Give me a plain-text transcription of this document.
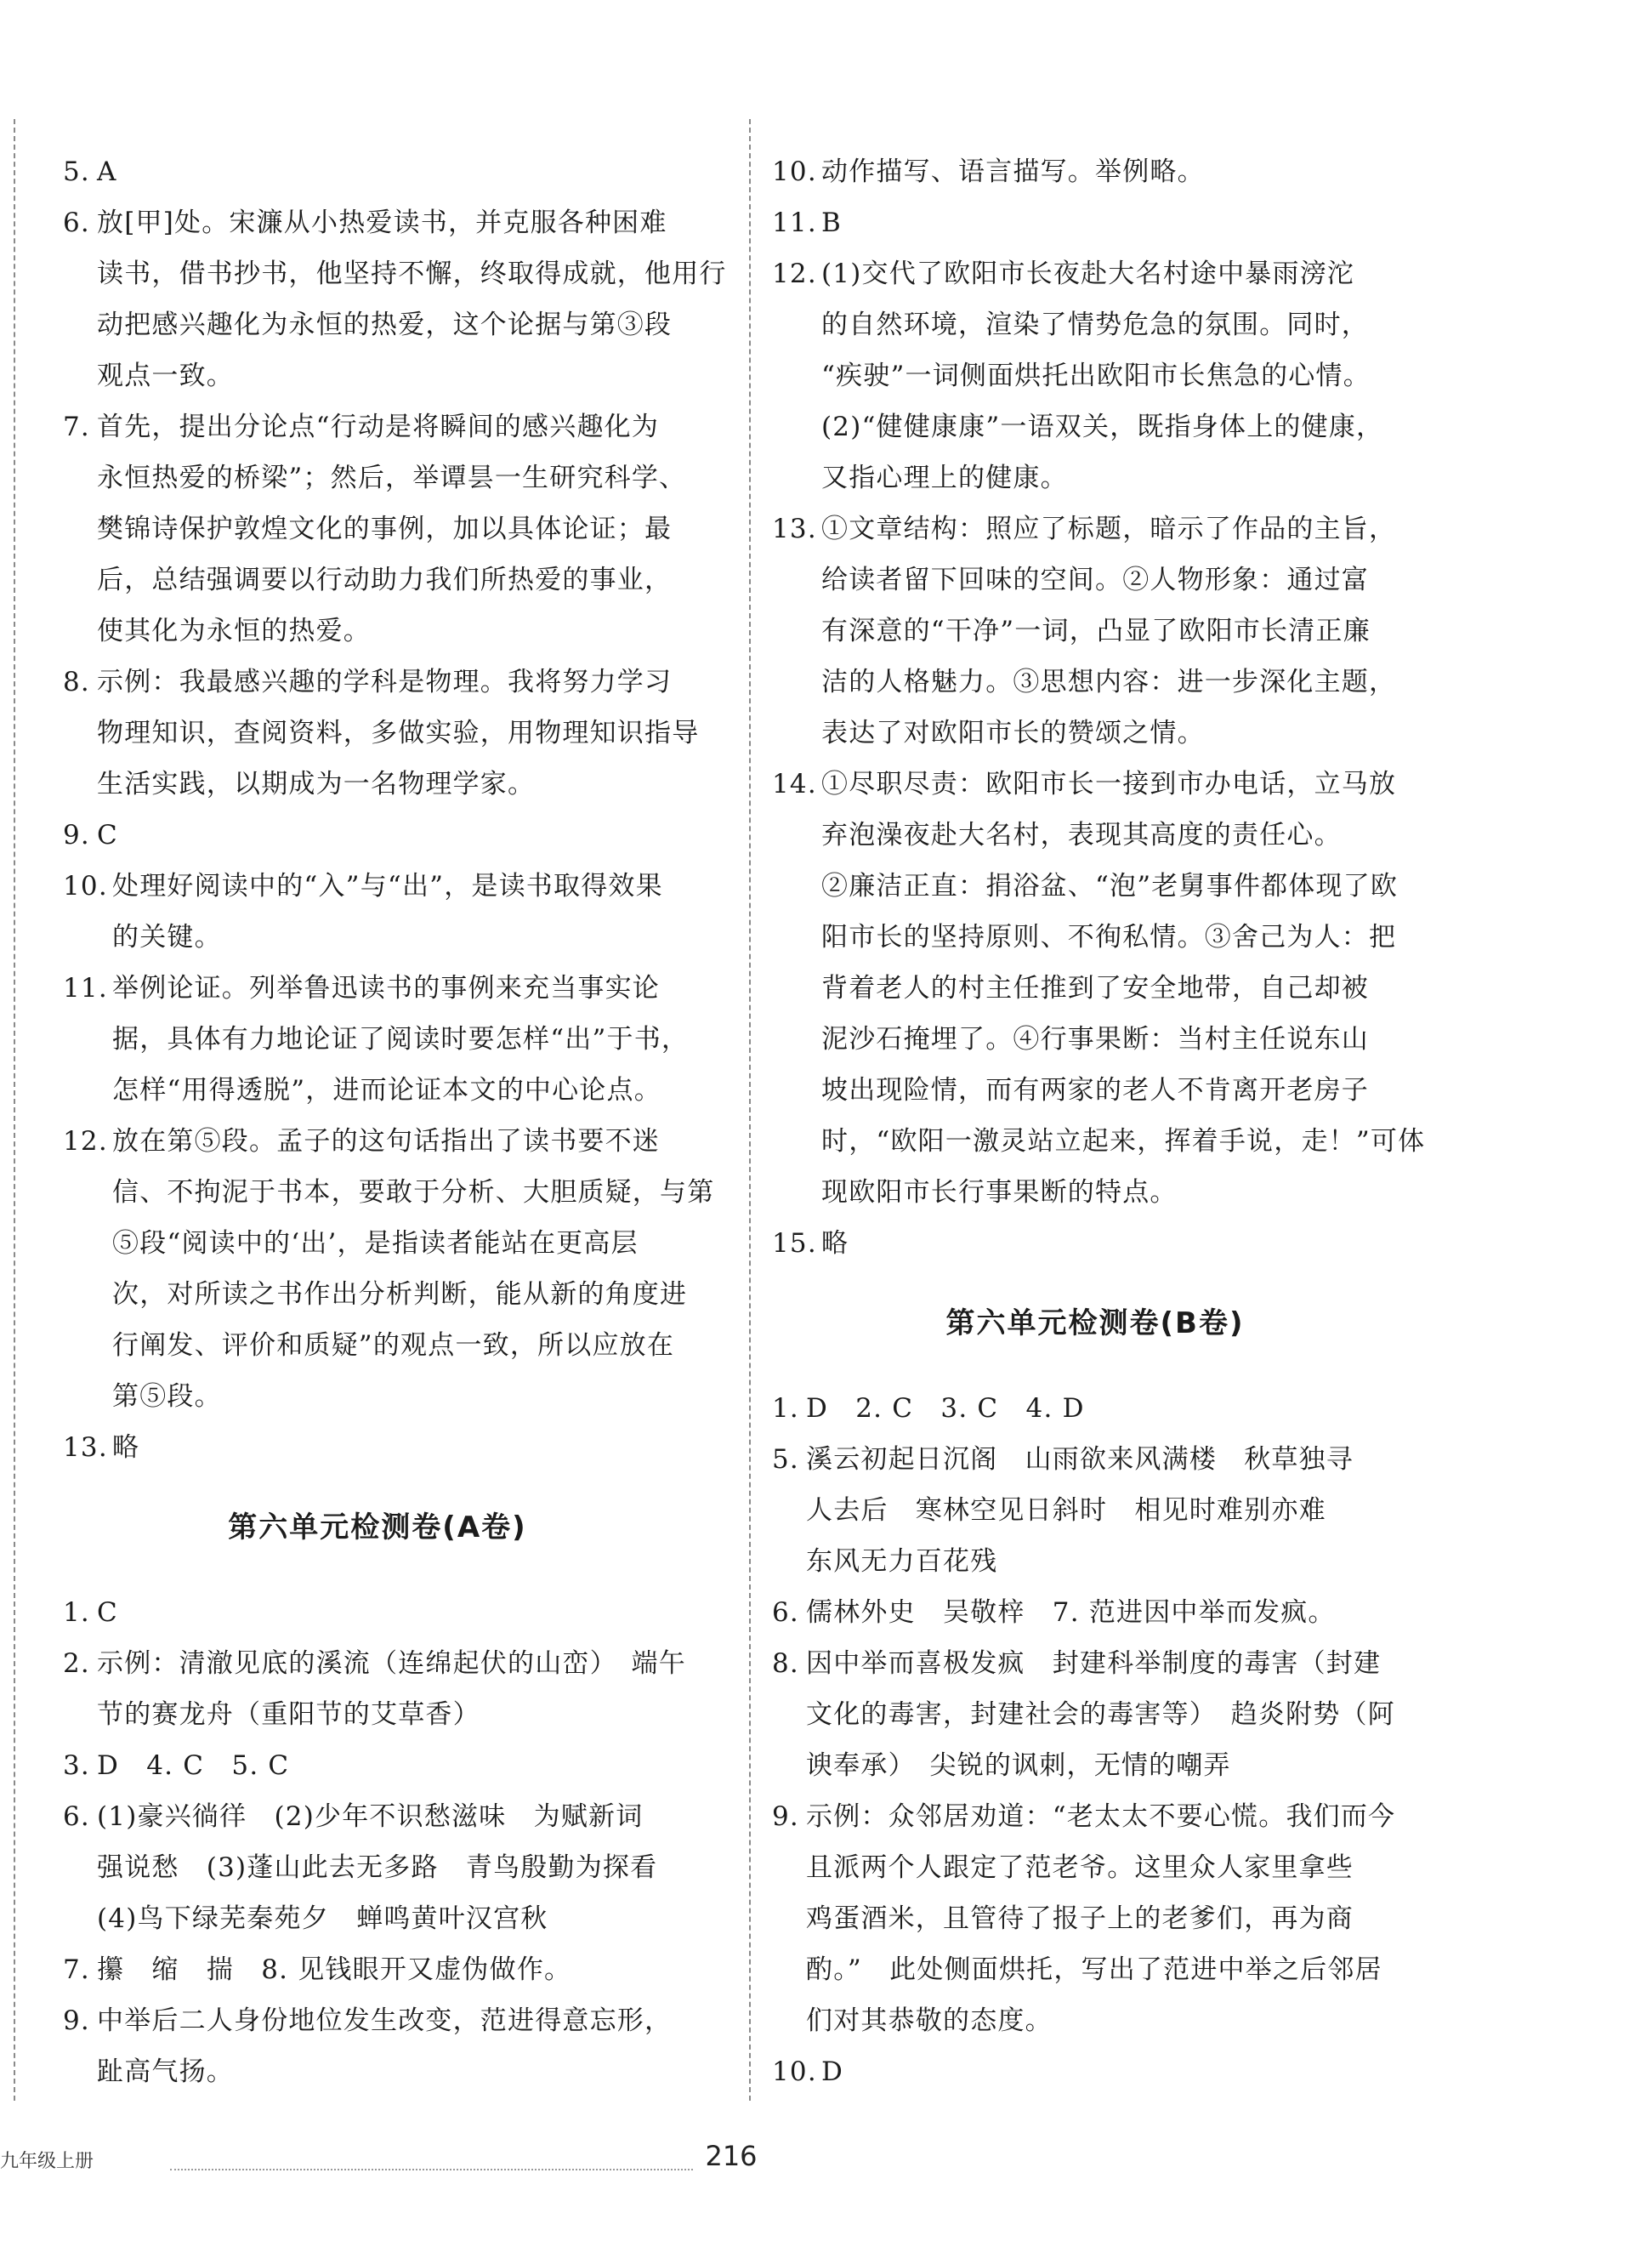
5. A
6. 放[甲]处。宋濂从小热爱读书，并克服各种困难
读书，借书抄书，他坚持不懈，终取得成就，他用行
动把感兴趣化为永恒的热爱，这个论据与第③段
观点一致。
7. 首先，提出分论点“行动是将瞬间的感兴趣化为
永恒热爱的桥梁”；然后，举谭昙一生研究科学、
樊锦诗保护敦煌文化的事例，加以具体论证；最
后，总结强调要以行动助力我们所热爱的事业，
使其化为永恒的热爱。
8. 示例：我最感兴趣的学科是物理。我将努力学习
物理知识，查阅资料，多做实验，用物理知识指导
生活实践，以期成为一名物理学家。
9. C
10. 处理好阅读中的“入”与“出”，是读书取得效果
的关键。
11. 举例论证。列举鲁迅读书的事例来充当事实论
据，具体有力地论证了阅读时要怎样“出”于书，
怎样“用得透脱”，进而论证本文的中心论点。
12. 放在第⑤段。孟子的这句话指出了读书要不迷
信、不拘泥于书本，要敢于分析、大胆质疑，与第
⑤段“阅读中的‘出’，是指读者能站在更高层
次，对所读之书作出分析判断，能从新的角度进
行阐发、评价和质疑”的观点一致，所以应放在
第⑤段。
13. 略
第六单元检测卷(A卷)
1. C
2. 示例：清澈见底的溪流（连绵起伏的山峦）　端午
节的赛龙舟（重阳节的艾草香）
3. D　4. C　5. C
6. (1)豪兴徜徉　(2)少年不识愁滋味　为赋新词
强说愁　(3)蓬山此去无多路　青鸟殷勤为探看
(4)鸟下绿芜秦苑夕　蝉鸣黄叶汉宫秋
7. 攥　缩　揣　8. 见钱眼开又虚伪做作。
9. 中举后二人身份地位发生改变，范进得意忘形，
趾高气扬。
10. 动作描写、语言描写。举例略。
11. B
12. (1)交代了欧阳市长夜赴大名村途中暴雨滂沱
的自然环境，渲染了情势危急的氛围。同时，
“疾驶”一词侧面烘托出欧阳市长焦急的心情。
(2)“健健康康”一语双关，既指身体上的健康，
又指心理上的健康。
13. ①文章结构：照应了标题，暗示了作品的主旨，
给读者留下回味的空间。②人物形象：通过富
有深意的“干净”一词，凸显了欧阳市长清正廉
洁的人格魅力。③思想内容：进一步深化主题，
表达了对欧阳市长的赞颂之情。
14. ①尽职尽责：欧阳市长一接到市办电话，立马放
弃泡澡夜赴大名村，表现其高度的责任心。
②廉洁正直：捐浴盆、“泡”老舅事件都体现了欧
阳市长的坚持原则、不徇私情。③舍己为人：把
背着老人的村主任推到了安全地带，自己却被
泥沙石掩埋了。④行事果断：当村主任说东山
坡出现险情，而有两家的老人不肯离开老房子
时，“欧阳一激灵站立起来，挥着手说，走！”可体
现欧阳市长行事果断的特点。
15. 略
第六单元检测卷(B卷)
1. D　2. C　3. C　4. D
5. 溪云初起日沉阁　山雨欲来风满楼　秋草独寻
人去后　寒林空见日斜时　相见时难别亦难
东风无力百花残
6. 儒林外史　吴敬梓　7. 范进因中举而发疯。
8. 因中举而喜极发疯　封建科举制度的毒害（封建
文化的毒害，封建社会的毒害等）　趋炎附势（阿
谀奉承）　尖锐的讽刺，无情的嘲弄
9. 示例：众邻居劝道：“老太太不要心慌。我们而今
且派两个人跟定了范老爷。这里众人家里拿些
鸡蛋酒米，且管待了报子上的老爹们，再为商
酌。”　此处侧面烘托，写出了范进中举之后邻居
们对其恭敬的态度。
10. D
九年级上册	216
